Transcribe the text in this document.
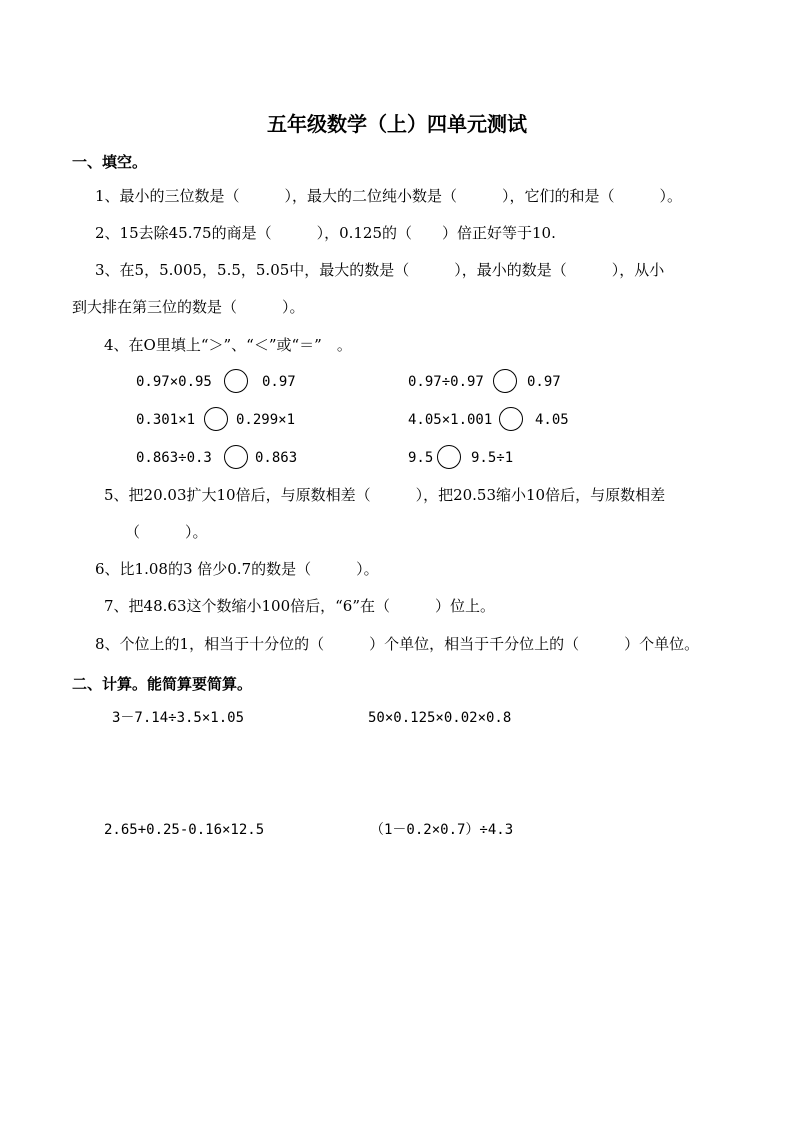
五年级数学（上）四单元测试
一、填空。
1、最小的三位数是（　　　），最大的二位纯小数是（　　　），它们的和是（　　　）。
2、15去除45.75的商是（　　　），0.125的（　　）倍正好等于10.
3、在5，5.005，5.5，5.05中，最大的数是（　　　），最小的数是（　　　），从小
到大排在第三位的数是（　　　）。
4、在O里填上“＞”、“＜”或“＝”　。
0.97×0.95	0.97	0.97÷0.97	0.97
0.301×1	0.299×1	4.05×1.001	4.05
0.863÷0.3	0.863	9.5	9.5÷1
5、把20.03扩大10倍后，与原数相差（　　　），把20.53缩小10倍后，与原数相差
（　　　）。
6、比1.08的3 倍少0.7的数是（　　　）。
7、把48.63这个数缩小100倍后，“6”在（　　　）位上。
8、个位上的1，相当于十分位的（　　　）个单位，相当于千分位上的（　　　）个单位。
二、计算。能简算要简算。
3－7.14÷3.5×1.05	50×0.125×0.02×0.8
2.65+0.25-0.16×12.5	（1－0.2×0.7）÷4.3
